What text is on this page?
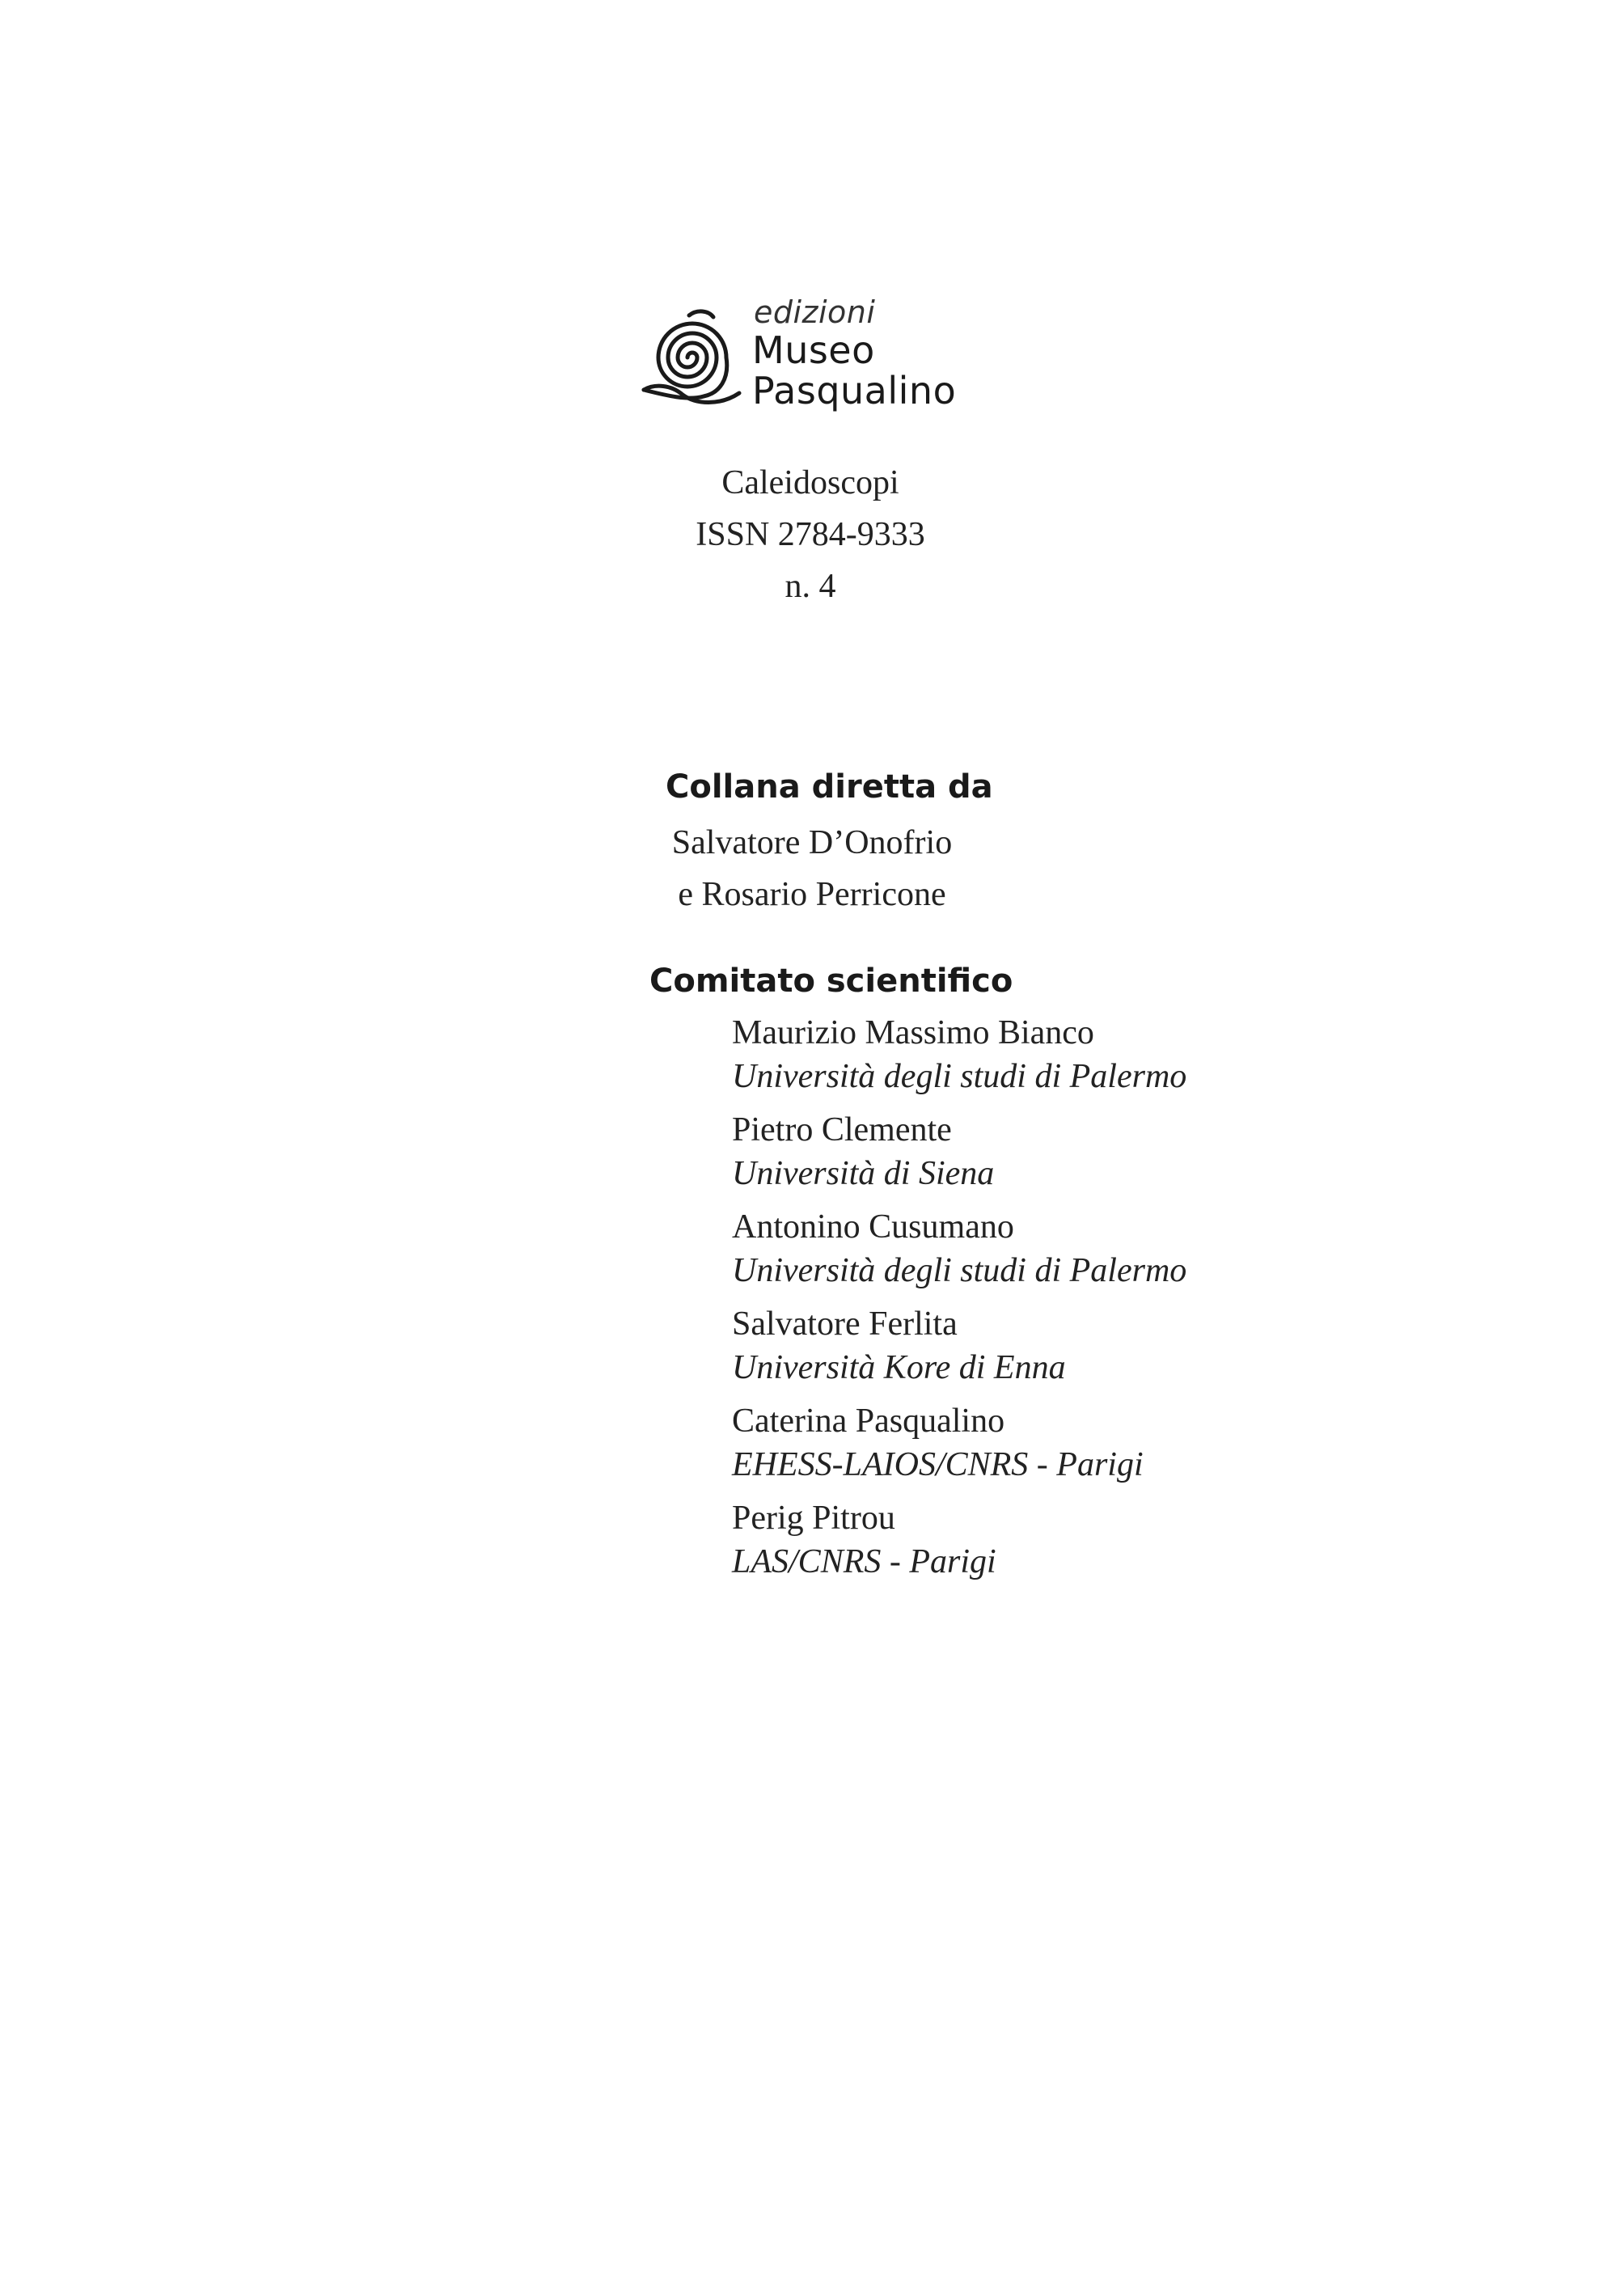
edizioni
Museo
Pasqualino
Caleidoscopi
ISSN 2784-9333
n. 4
Collana diretta da
Salvatore D’Onofrio
e Rosario Perricone
Comitato scientifico
Maurizio Massimo Bianco
Università degli studi di Palermo
Pietro Clemente
Università di Siena
Antonino Cusumano
Università degli studi di Palermo
Salvatore Ferlita
Università Kore di Enna
Caterina Pasqualino
EHESS-LAIOS/CNRS - Parigi
Perig Pitrou
LAS/CNRS - Parigi
